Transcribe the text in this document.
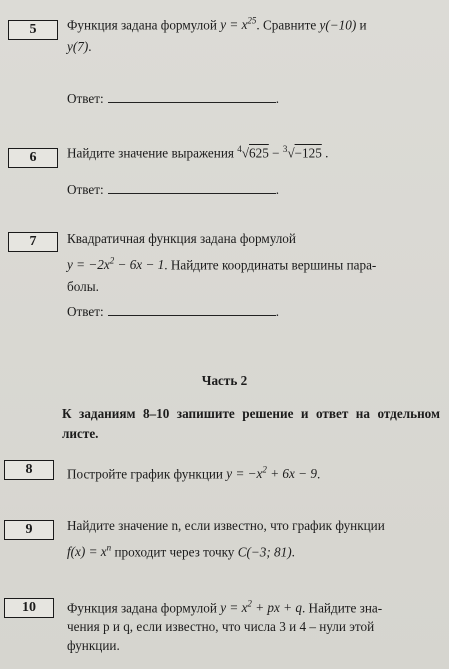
5	Функция задана формулой $y = x^{25}$. Сравните y(−10) и
y(7).
Ответ:	.
6	Найдите значение выражения $^4$√625 − $^3$√−125 .
Ответ:	.
7	Квадратичная функция задана формулой
$y = -2x^2 - 6x - 1$. Найдите координаты вершины пара-
болы.
Ответ:	.
Часть 2
К заданиям 8–10 запишите решение и ответ на отдельном листе.
8	Постройте график функции $y = -x^2 + 6x - 9$.
9	Найдите значение n, если известно, что график функции
$f(x) = x^n$ проходит через точку C(−3; 81).
10	Функция задана формулой $y = x^2$ + px + q. Найдите зна-
чения p и q, если известно, что числа 3 и 4 – нули этой
функции.
